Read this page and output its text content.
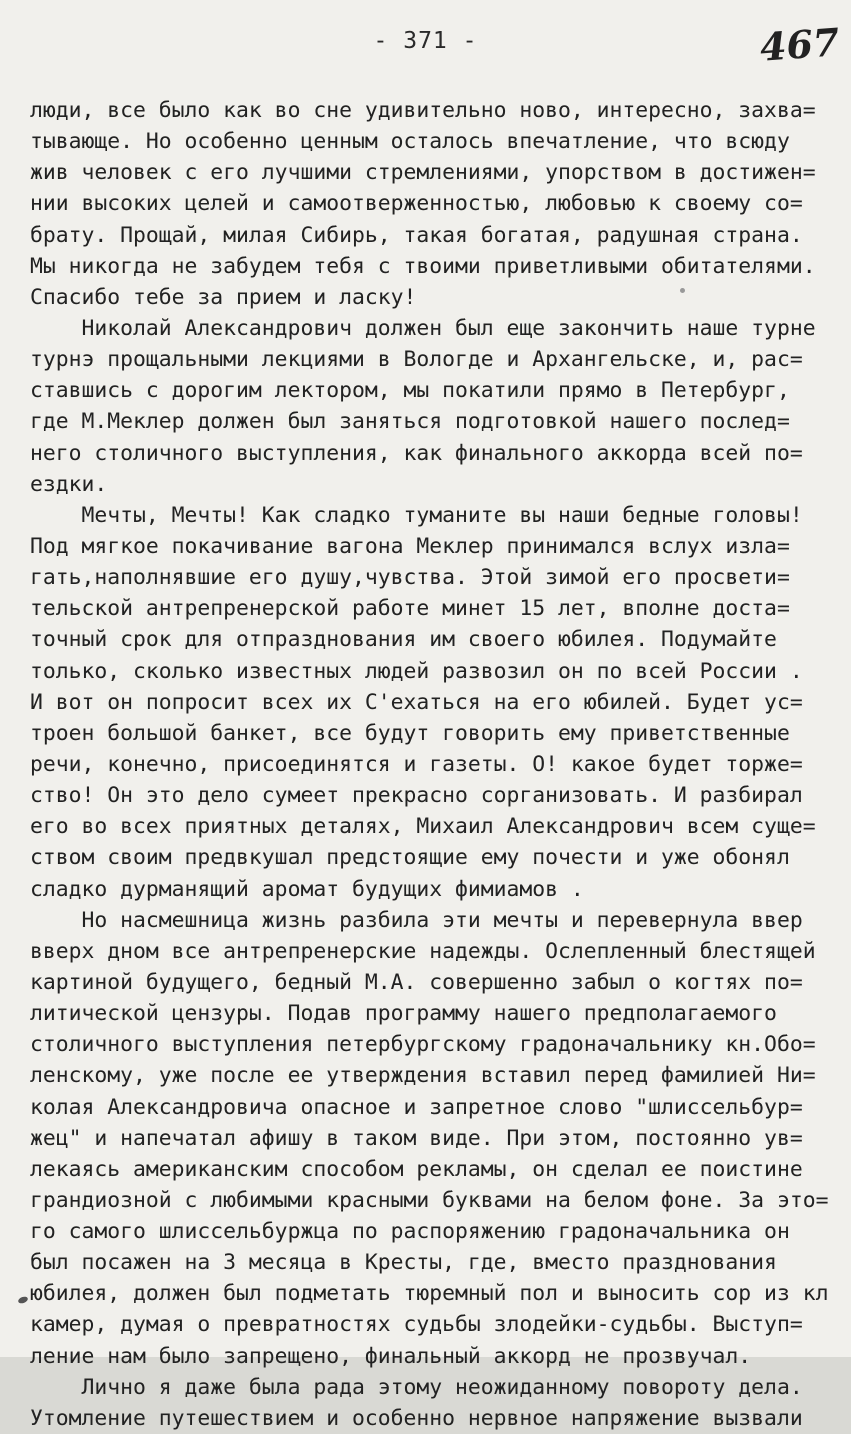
- 371 -	467
люди, все было как во сне удивительно ново, интересно, захва=
тывающе. Но особенно ценным осталось впечатление, что всюду
жив человек с его лучшими стремлениями, упорством в достижен=
нии высоких целей и самоотверженностью, любовью к своему со=
брату. Прощай, милая Сибирь, такая богатая, радушная страна.
Мы никогда не забудем тебя с твоими приветливыми обитателями.
Спасибо тебе за прием и ласку!
Николай Александрович должен был еще закончить наше турне
турнэ прощальными лекциями в Вологде и Архангельске, и, рас=
ставшись с дорогим лектором, мы покатили прямо в Петербург,
где М.Меклер должен был заняться подготовкой нашего послед=
него столичного выступления, как финального аккорда всей по=
ездки.
Мечты, Мечты! Как сладко туманите вы наши бедные головы!
Под мягкое покачивание вагона Меклер принимался вслух изла=
гать,наполнявшие его душу,чувства. Этой зимой его просвети=
тельской антрепренерской работе минет 15 лет, вполне доста=
точный срок для отпразднования им своего юбилея. Подумайте
только, сколько известных людей развозил он по всей России .
И вот он попросит всех их С'ехаться на его юбилей. Будет ус=
троен большой банкет, все будут говорить ему приветственные
речи, конечно, присоединятся и газеты. О! какое будет торже=
ство! Он это дело сумеет прекрасно сорганизовать. И разбирал
его во всех приятных деталях, Михаил Александрович всем суще=
ством своим предвкушал предстоящие ему почести и уже обонял
сладко дурманящий аромат будущих фимиамов .
Но насмешница жизнь разбила эти мечты и перевернула ввер
вверх дном все антрепренерские надежды. Ослепленный блестящей
картиной будущего, бедный М.А. совершенно забыл о когтях по=
литической цензуры. Подав программу нашего предполагаемого
столичного выступления петербургскому градоначальнику кн.Обо=
ленскому, уже после ее утверждения вставил перед фамилией Ни=
колая Александровича опасное и запретное слово "шлиссельбур=
жец" и напечатал афишу в таком виде. При этом, постоянно ув=
лекаясь американским способом рекламы, он сделал ее поистине
грандиозной с любимыми красными буквами на белом фоне. За это=
го самого шлиссельбуржца по распоряжению градоначальника он
был посажен на 3 месяца в Кресты, где, вместо празднования
юбилея, должен был подметать тюремный пол и выносить сор из кл
камер, думая о превратностях судьбы злодейки-судьбы. Выступ=
ление нам было запрещено, финальный аккорд не прозвучал.
Лично я даже была рада этому неожиданному повороту дела.
Утомление путешествием и особенно нервное напряжение вызвали
